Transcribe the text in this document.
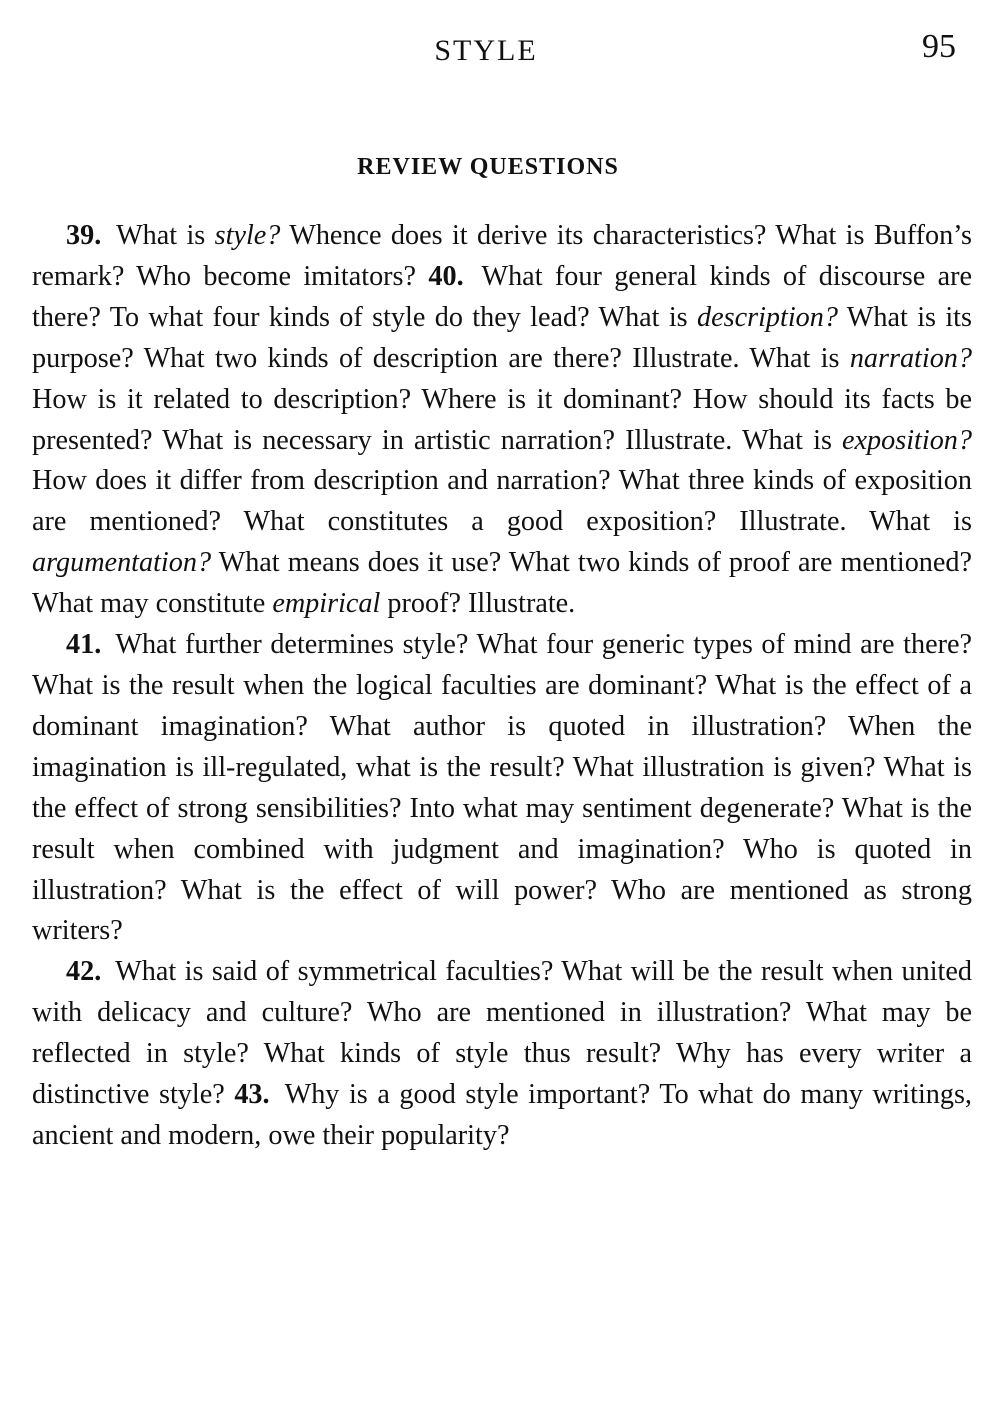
STYLE	95
REVIEW QUESTIONS

39. What is style? Whence does it derive its characteristics? What is Buffon’s remark? Who become imitators? 40. What four general kinds of discourse are there? To what four kinds of style do they lead? What is description? What is its purpose? What two kinds of description are there? Illustrate. What is narration? How is it related to description? Where is it dominant? How should its facts be presented? What is necessary in artistic narration? Illustrate. What is exposition? How does it differ from description and narration? What three kinds of exposition are mentioned? What constitutes a good exposition? Illustrate. What is argumentation? What means does it use? What two kinds of proof are mentioned? What may constitute empirical proof? Illustrate.

41. What further determines style? What four generic types of mind are there? What is the result when the logical faculties are dominant? What is the effect of a dominant imagination? What author is quoted in illustration? When the imagination is ill-regulated, what is the result? What illustration is given? What is the effect of strong sensibilities? Into what may sentiment degenerate? What is the result when combined with judgment and imagination? Who is quoted in illustration? What is the effect of will power? Who are mentioned as strong writers?

42. What is said of symmetrical faculties? What will be the result when united with delicacy and culture? Who are mentioned in illustration? What may be reflected in style? What kinds of style thus result? Why has every writer a distinctive style? 43. Why is a good style important? To what do many writings, ancient and modern, owe their popularity?
